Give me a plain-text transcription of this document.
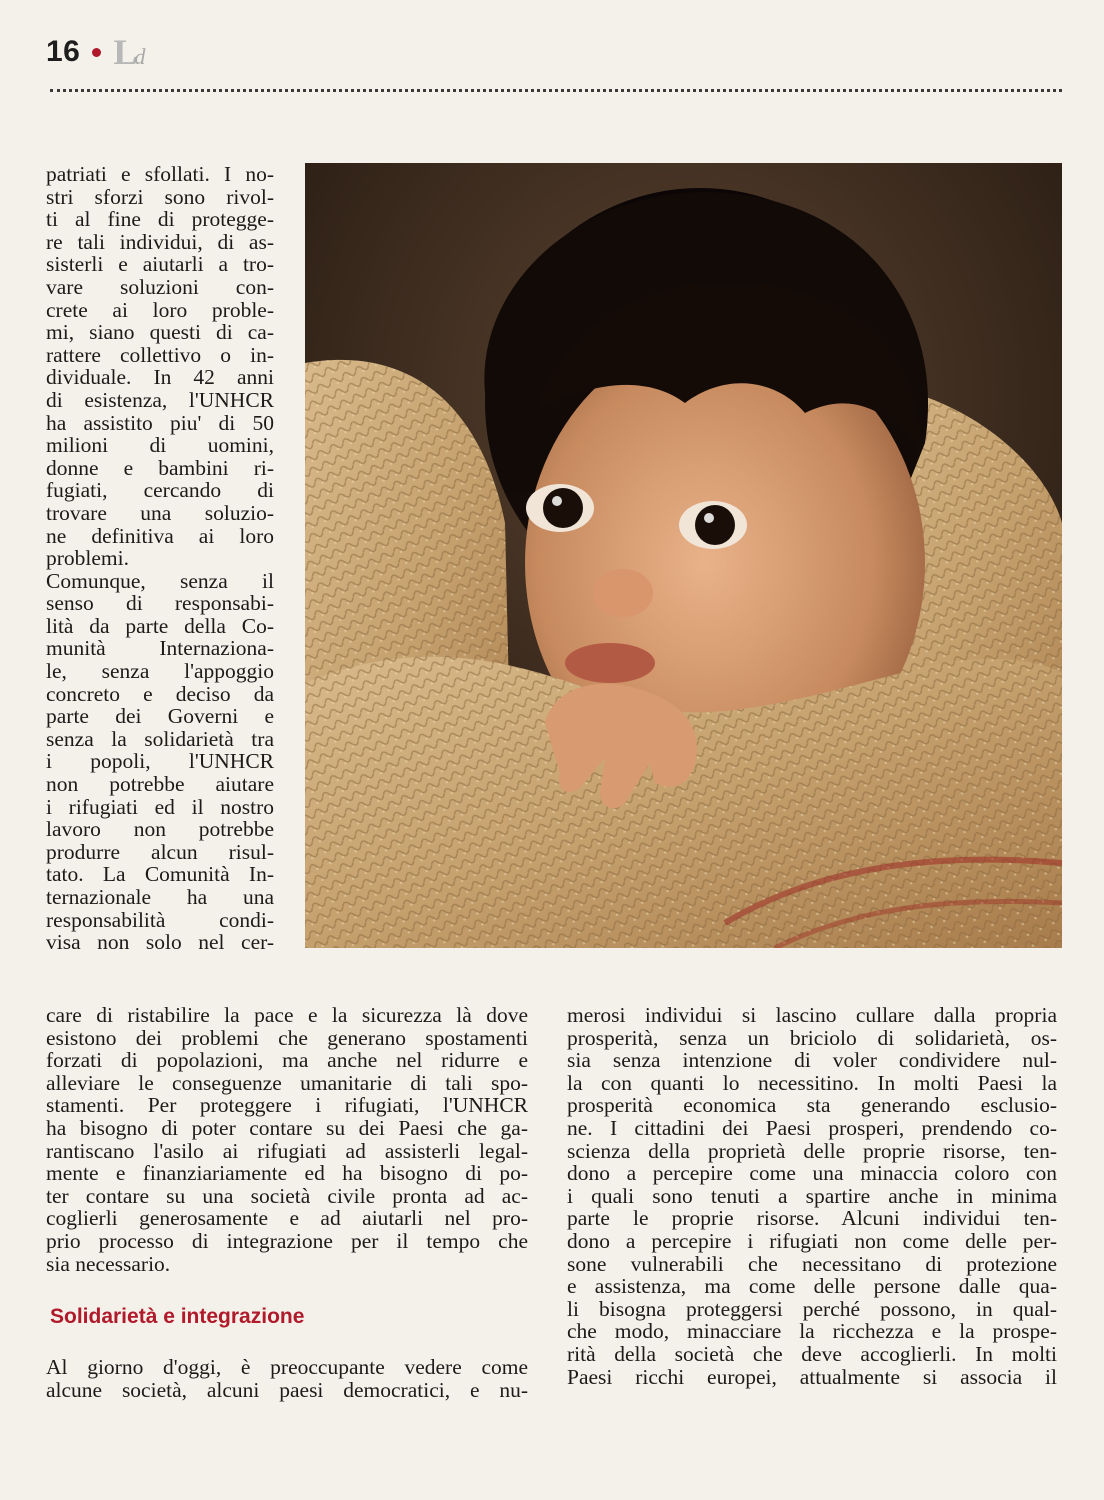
16 Ld
patriati e sfollati. I no-
stri sforzi sono rivol-
ti al fine di protegge-
re tali individui, di as-
sisterli e aiutarli a tro-
vare soluzioni con-
crete ai loro proble-
mi, siano questi di ca-
rattere collettivo o in-
dividuale. In 42 anni
di esistenza, l'UNHCR
ha assistito piu' di 50
milioni di uomini,
donne e bambini ri-
fugiati, cercando di
trovare una soluzio-
ne definitiva ai loro
problemi.
Comunque, senza il
senso di responsabi-
lità da parte della Co-
munità Internaziona-
le, senza l'appoggio
concreto e deciso da
parte dei Governi e
senza la solidarietà tra
i popoli, l'UNHCR
non potrebbe aiutare
i rifugiati ed il nostro
lavoro non potrebbe
produrre alcun risul-
tato. La Comunità In-
ternazionale ha una
responsabilità condi-
visa non solo nel cer-
care di ristabilire la pace e la sicurezza là dove
esistono dei problemi che generano spostamenti
forzati di popolazioni, ma anche nel ridurre e
alleviare le conseguenze umanitarie di tali spo-
stamenti. Per proteggere i rifugiati, l'UNHCR
ha bisogno di poter contare su dei Paesi che ga-
rantiscano l'asilo ai rifugiati ad assisterli legal-
mente e finanziariamente ed ha bisogno di po-
ter contare su una società civile pronta ad ac-
coglierli generosamente e ad aiutarli nel pro-
prio processo di integrazione per il tempo che
sia necessario.
Solidarietà e integrazione
Al giorno d'oggi, è preoccupante vedere come
alcune società, alcuni paesi democratici, e nu-
merosi individui si lascino cullare dalla propria
prosperità, senza un briciolo di solidarietà, os-
sia senza intenzione di voler condividere nul-
la con quanti lo necessitino. In molti Paesi la
prosperità economica sta generando esclusio-
ne. I cittadini dei Paesi prosperi, prendendo co-
scienza della proprietà delle proprie risorse, ten-
dono a percepire come una minaccia coloro con
i quali sono tenuti a spartire anche in minima
parte le proprie risorse. Alcuni individui ten-
dono a percepire i rifugiati non come delle per-
sone vulnerabili che necessitano di protezione
e assistenza, ma come delle persone dalle qua-
li bisogna proteggersi perché possono, in qual-
che modo, minacciare la ricchezza e la prospe-
rità della società che deve accoglierli. In molti
Paesi ricchi europei, attualmente si associa il
